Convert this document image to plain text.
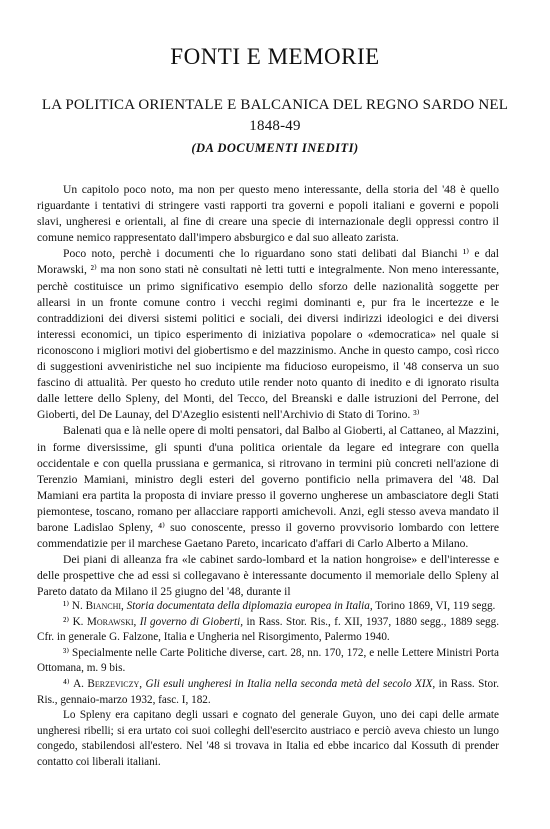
FONTI E MEMORIE
LA POLITICA ORIENTALE E BALCANICA DEL REGNO SARDO NEL 1848-49
(DA DOCUMENTI INEDITI)

Un capitolo poco noto, ma non per questo meno interessante, della storia del '48 è quello riguardante i tentativi di stringere vasti rapporti tra governi e popoli italiani e governi e popoli slavi, ungheresi e orientali, al fine di creare una specie di internazionale degli oppressi contro il comune nemico rappresentato dall'impero absburgico e dal suo alleato zarista.

Poco noto, perchè i documenti che lo riguardano sono stati delibati dal Bianchi ¹⁾ e dal Morawski, ²⁾ ma non sono stati nè consultati nè letti tutti e integralmente. Non meno interessante, perchè costituisce un primo significativo esempio dello sforzo delle nazionalità soggette per allearsi in un fronte comune contro i vecchi regimi dominanti e, pur fra le incertezze e le contraddizioni dei diversi sistemi politici e sociali, dei diversi indirizzi ideologici e dei diversi interessi economici, un tipico esperimento di iniziativa popolare o «democratica» nel quale si riconoscono i migliori motivi del giobertismo e del mazzinismo. Anche in questo campo, così ricco di suggestioni avveniristiche nel suo incipiente ma fiducioso europeismo, il '48 conserva un suo fascino di attualità. Per questo ho creduto utile render noto quanto di inedito e di ignorato risulta dalle lettere dello Spleny, del Monti, del Tecco, del Breanski e dalle istruzioni del Perrone, del Gioberti, del De Launay, del D'Azeglio esistenti nell'Archivio di Stato di Torino. ³⁾

Balenati qua e là nelle opere di molti pensatori, dal Balbo al Gioberti, al Cattaneo, al Mazzini, in forme diversissime, gli spunti d'una politica orientale da legare ed integrare con quella occidentale e con quella prussiana e germanica, si ritrovano in termini più concreti nell'azione di Terenzio Mamiani, ministro degli esteri del governo pontificio nella primavera del '48. Dal Mamiani era partita la proposta di inviare presso il governo ungherese un ambasciatore degli Stati piemontese, toscano, romano per allacciare rapporti amichevoli. Anzi, egli stesso aveva mandato il barone Ladislao Spleny, ⁴⁾ suo conoscente, presso il governo provvisorio lombardo con lettere commendatizie per il marchese Gaetano Pareto, incaricato d'affari di Carlo Alberto a Milano.

Dei piani di alleanza fra «le cabinet sardo-lombard et la nation hongroise» e dell'interesse e delle prospettive che ad essi si collegavano è interessante documento il memoriale dello Spleny al Pareto datato da Milano il 25 giugno del '48, durante il

¹⁾ N. Bianchi, Storia documentata della diplomazia europea in Italia, Torino 1869, VI, 119 segg.

²⁾ K. Morawski, Il governo di Gioberti, in Rass. Stor. Ris., f. XII, 1937, 1880 segg., 1889 segg. Cfr. in generale G. Falzone, Italia e Ungheria nel Risorgimento, Palermo 1940.

³⁾ Specialmente nelle Carte Politiche diverse, cart. 28, nn. 170, 172, e nelle Lettere Ministri Porta Ottomana, m. 9 bis.

⁴⁾ A. Berzeviczy, Gli esuli ungheresi in Italia nella seconda metà del secolo XIX, in Rass. Stor. Ris., gennaio-marzo 1932, fasc. I, 182.

Lo Spleny era capitano degli ussari e cognato del generale Guyon, uno dei capi delle armate ungheresi ribelli; si era urtato coi suoi colleghi dell'esercito austriaco e perciò aveva chiesto un lungo congedo, stabilendosi all'estero. Nel '48 si trovava in Italia ed ebbe incarico dal Kossuth di prender contatto coi liberali italiani.
